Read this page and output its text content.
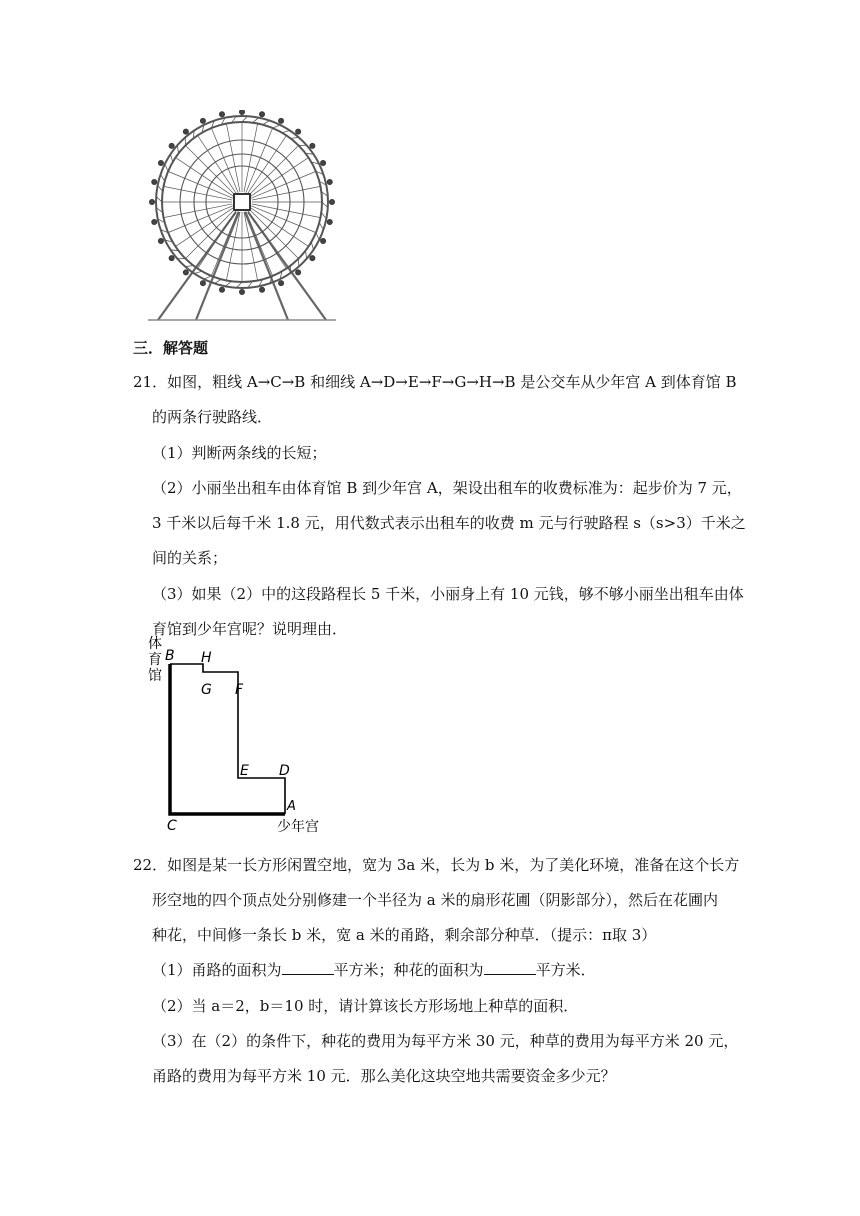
三．解答题
21．如图，粗线 A→C→B 和细线 A→D→E→F→G→H→B 是公交车从少年宫 A 到体育馆 B
的两条行驶路线．
（1）判断两条线的长短；
（2）小丽坐出租车由体育馆 B 到少年宫 A，架设出租车的收费标准为：起步价为 7 元，
3 千米以后每千米 1.8 元，用代数式表示出租车的收费 m 元与行驶路程 s（s>3）千米之
间的关系；
（3）如果（2）中的这段路程长 5 千米，小丽身上有 10 元钱，够不够小丽坐出租车由体
育馆到少年宫呢？说明理由．
体
育
馆
B H
G F
E D
A
C	少年宫
22．如图是某一长方形闲置空地，宽为 3a 米，长为 b 米，为了美化环境，准备在这个长方
形空地的四个顶点处分别修建一个半径为 a 米的扇形花圃（阴影部分），然后在花圃内
种花，中间修一条长 b 米，宽 a 米的甬路，剩余部分种草．（提示：π取 3）
（1）甬路的面积为	平方米；种花的面积为	平方米．
（2）当 a＝2，b＝10 时，请计算该长方形场地上种草的面积．
（3）在（2）的条件下，种花的费用为每平方米 30 元，种草的费用为每平方米 20 元，
甬路的费用为每平方米 10 元．那么美化这块空地共需要资金多少元？
